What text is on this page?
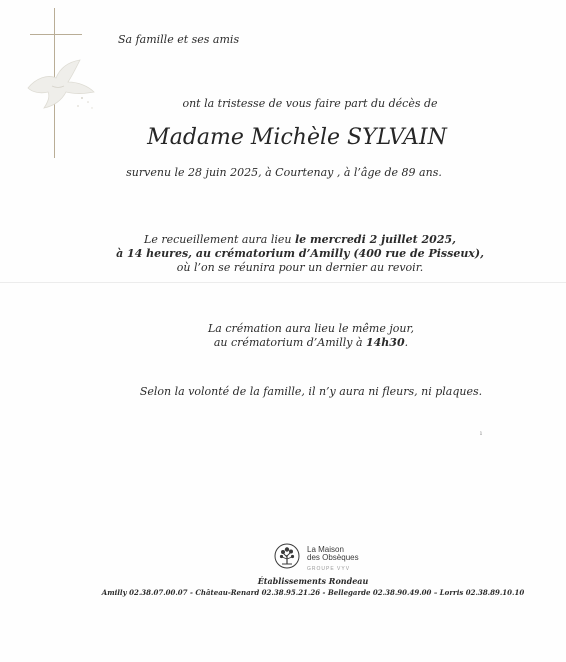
Sa famille et ses amis
ont la tristesse de vous faire part du décès de
Madame Michèle SYLVAIN
survenu le 28 juin 2025, à Courtenay , à l’âge de 89 ans.
Le recueillement aura lieu le mercredi 2 juillet 2025,
à 14 heures, au crématorium d’Amilly (400 rue de Pisseux),
où l’on se réunira pour un dernier au revoir.
La crémation aura lieu le même jour,
au crématorium d’Amilly à 14h30.
Selon la volonté de la famille, il n’y aura ni fleurs, ni plaques.
ı
La Maison
des Obsèques
GROUPE VYV
Établissements Rondeau
Amilly 02.38.07.00.07 - Château-Renard 02.38.95.21.26 - Bellegarde 02.38.90.49.00 – Lorris 02.38.89.10.10
